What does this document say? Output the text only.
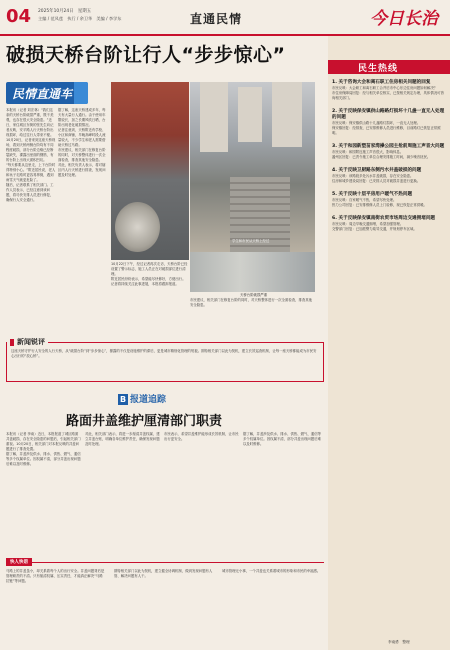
04 2025年10月24日　星期五
主编 / 范凤莲　执行 / 余卫华　美编 / 李学东	直通民情	今日长治
破损天桥台阶让行人“步步惊心”
民情直通车

本报讯（记者 刘宏林）“我们这条的天桥台阶破损严重，既不美观，也存在很大安全隐患。”近日，家住城区东街的张先生向记者反映，安平路人行天桥台阶出现损坏，给过往行人带来不便。

10月20日，记者来到这座天桥现场，看到天桥两侧台阶均有不同程度破损，部分台阶边缘已经断裂缺失，裸露出里面的钢筋，有的台阶上出现大面积凹坑。

“每天都要从这里走，上下台阶时得特别小心。”附近居民说，老人和孩子走路时更容易摔倒，遇到雨雪天气就更危险了。

随后，记者联系了相关部门。工作人员表示，已经注意到该问题，将尽快安排人员进行修复，确保行人安全通行。

据了解，这座天桥建成多年，每天有大量行人通行。由于使用年限较长，加之长期风吹日晒，台阶出现老化破损情况。

记者注意到，天桥附近有学校、小区和商铺，早晚高峰时段人流量较大，不少学生和老人需要借助天桥过马路。

市民建议，相关部门在修复台阶的同时，对天桥整体进行一次全面检查，排查其他安全隐患。

对此，相关负责人表示，将对辖区内人行天桥进行排查，发现问题及时处理。

学生和市民从天桥上经过
天桥台阶破损严重

10月22日下午，经过记者再次走访，天桥台阶已经设置了警示标志，施工人员正在对破损部位进行清理。

附近居民纷纷表示，希望能尽快修好，方便出行。

记者将持续关注此事进展，本报将跟踪报道。

市民建议，相关部门在修复台阶的同时，对天桥整体进行一次全面检查，排查其他安全隐患。

新闻锐评

这座天桥守护行人安全的人行天桥，从“破损台阶”到“步步惊心”，暴露的不仅是设施维护的滞后，更是城市精细化管理的短板。期待相关部门以此为契机，建立长效巡查机制，让每一座天桥都能成为市民安心出行的“放心桥”。

B 报道追踪
路面井盖维护厘清部门职责

本报讯（记者 李南）近日，本报报道了城区路面井盖破损、存在安全隐患的问题后，引起相关部门重视。10月20日，相关部门对本报反映的井盖问题进行了排查处置。

据了解，井盖涉及供水、排水、供热、燃气、通信等多个权属单位。因权属不清，部分井盖出现问题后难以及时维修。

对此，相关部门表示，将进一步厘清井盖权属，建立井盖台账，明确各单位维护责任，确保发现问题及时处理。

市民表示，希望井盖维护能形成长效机制，让市民出行更安全。

据了解，井盖涉及供水、排水、供热、燃气、通信等多个权属单位。因权属不清，部分井盖出现问题后难以及时维修。

快人快语

马路上的井盖虽小，却关系着每个人的出行安全。井盖问题背后是管理职责的不清。只有厘清权属、压实责任，才能真正解决“马路拉链”等问题。

期待相关部门以此为契机，建立健全协调机制，做到发现问题有人管、解决问题有人干。

城市管理无小事，一个井盖也关系着城市的形象和市民的幸福感。

民生热线
1. 关于咨询大会和离石职工住房相关问题的回复
市民反映：大会职工和离石职工合并后市中心东边住房问题如何解决？
市住房保障局回复：经与相关单位核实，已按相关规定办理，具体情况可咨询相关部门。
2. 关于反映保安镇供山路路灯损坏十几盏一直无人处理的问题
市民反映：保安镇供山路十几盏路灯损坏，一直无人处理。
保安镇回复：经排查，已安排维修人员进行维修，目前路灯已恢复正常照明。
3. 关于和园新塑苗家湾操公园主抢前周施工声音大问题
市民反映：和园附近施工声音很大，影响休息。
潞州区回复：已责令施工单位合理安排施工时间，减少噪音扰民。
4. 关于反映卫厨路东侧污水井盖破损的问题
市民反映：该路段多处污水井盖破损，存在安全隐患。
住房和城乡建设局回复：已安排人员对破损井盖进行更换。
5. 关于反映十层平房用户暖气不热问题
市民反映：自家暖气不热，希望尽快处理。
热力公司回复：已安排维修人员上门检修，现已恢复正常供暖。
6. 关于反映保安镇南街农贸市场周边交通拥堵问题
市民反映：周边早晚交通拥堵，希望加强管理。
交警部门回复：已加派警力疏导交通，并规划停车区域。
李南勇　整理
